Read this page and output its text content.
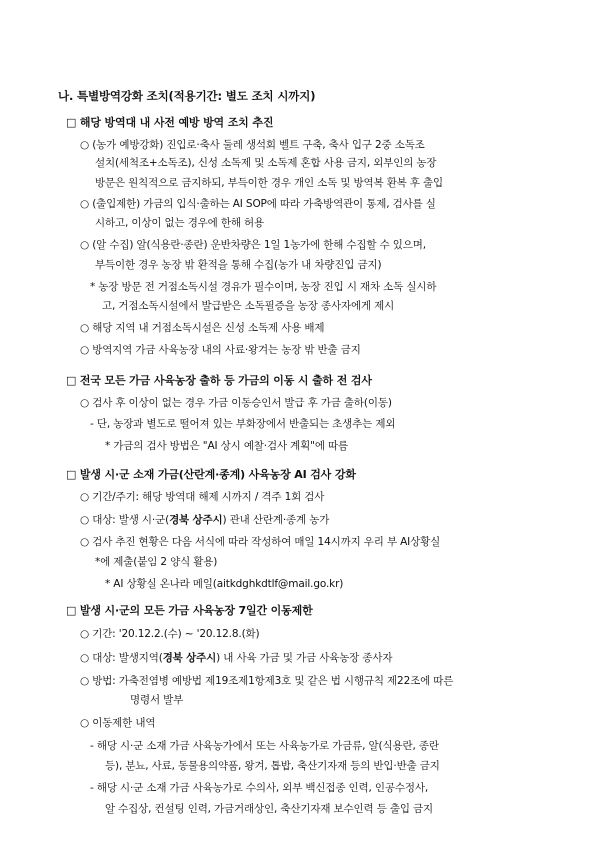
나. 특별방역강화 조치(적용기간: 별도 조치 시까지)
□ 해당 방역대 내 사전 예방 방역 조치 추진
○ (농가 예방강화) 진입로·축사 둘레 생석회 벨트 구축, 축사 입구 2중 소독조
설치(세척조+소독조), 신성 소독제 및 소독제 혼합 사용 금지, 외부인의 농장
방문은 원칙적으로 금지하되, 부득이한 경우 개인 소독 및 방역복 환복 후 출입
○ (출입제한) 가금의 입식·출하는 AI SOP에 따라 가축방역관이 통제, 검사를 실
시하고, 이상이 없는 경우에 한해 허용
○ (알 수집) 알(식용란·종란) 운반차량은 1일 1농가에 한해 수집할 수 있으며,
부득이한 경우 농장 밖 환적을 통해 수집(농가 내 차량진입 금지)
* 농장 방문 전 거점소독시설 경유가 필수이며, 농장 진입 시 재차 소독 실시하
고, 거점소독시설에서 발급받은 소독필증을 농장 종사자에게 제시
○ 해당 지역 내 거점소독시설은 신성 소독제 사용 배제
○ 방역지역 가금 사육농장 내의 사료·왕겨는 농장 밖 반출 금지
□ 전국 모든 가금 사육농장 출하 등 가금의 이동 시 출하 전 검사
○ 검사 후 이상이 없는 경우 가금 이동승인서 발급 후 가금 출하(이동)
- 단, 농장과 별도로 떨어져 있는 부화장에서 반출되는 초생추는 제외
* 가금의 검사 방법은 "AI 상시 예찰·검사 계획"에 따름
□ 발생 시·군 소재 가금(산란계·종계) 사육농장 AI 검사 강화
○ 기간/주기: 해당 방역대 해제 시까지 / 격주 1회 검사
○ 대상: 발생 시·군(경북 상주시) 관내 산란계·종계 농가
○ 검사 추진 현황은 다음 서식에 따라 작성하여 매일 14시까지 우리 부 AI상황실
*에 제출(붙임 2 양식 활용)
* AI 상황실 온나라 메일(aitkdghkdtlf@mail.go.kr)
□ 발생 시·군의 모든 가금 사육농장 7일간 이동제한
○ 기간: '20.12.2.(수) ~ '20.12.8.(화)
○ 대상: 발생지역(경북 상주시) 내 사육 가금 및 가금 사육농장 종사자
○ 방법: 가축전염병 예방법 제19조제1항제3호 및 같은 법 시행규칙 제22조에 따른
명령서 발부
○ 이동제한 내역
- 해당 시·군 소재 가금 사육농가에서 또는 사육농가로 가금류, 알(식용란, 종란
등), 분뇨, 사료, 동물용의약품, 왕겨, 톱밥, 축산기자재 등의 반입·반출 금지
- 해당 시·군 소재 가금 사육농가로 수의사, 외부 백신접종 인력, 인공수정사,
알 수집상, 컨설팅 인력, 가금거래상인, 축산기자재 보수인력 등 출입 금지
